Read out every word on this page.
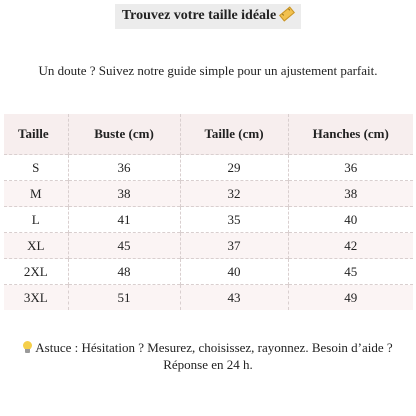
Trouvez votre taille idéale
Un doute ? Suivez notre guide simple pour un ajustement parfait.
Taille	Buste (cm)	Taille (cm)	Hanches (cm)
S	36	29	36
M	38	32	38
L	41	35	40
XL	45	37	42
2XL	48	40	45
3XL	51	43	49
Astuce : Hésitation ? Mesurez, choisissez, rayonnez. Besoin d’aide ? Réponse en 24 h.
